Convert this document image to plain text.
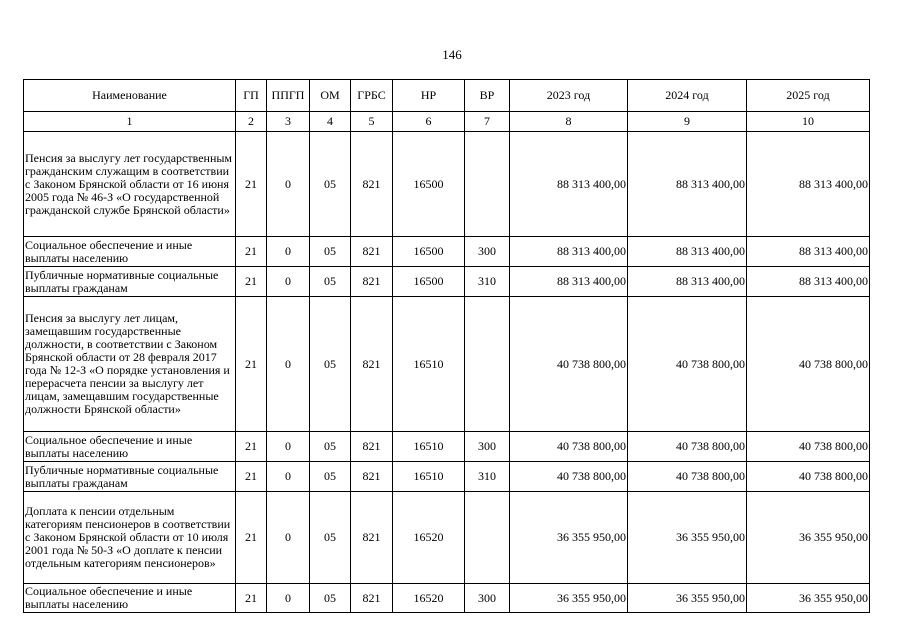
146
Наименование	ГП	ППГП	ОМ	ГРБС	НР	ВР	2023 год	2024 год	2025 год
1	2	3	4	5	6	7	8	9	10
Пенсия за выслугу лет государственным гражданским служащим в соответствии с Законом Брянской области от 16 июня 2005 года № 46-З «О государственной гражданской службе Брянской области»	21	0	05	821	16500		88 313 400,00	88 313 400,00	88 313 400,00
Социальное обеспечение и иные выплаты населению	21	0	05	821	16500	300	88 313 400,00	88 313 400,00	88 313 400,00
Публичные нормативные социальные выплаты гражданам	21	0	05	821	16500	310	88 313 400,00	88 313 400,00	88 313 400,00
Пенсия за выслугу лет лицам, замещавшим государственные должности, в соответствии с Законом Брянской области от 28 февраля 2017 года № 12-З «О порядке установления и перерасчета пенсии за выслугу лет лицам, замещавшим государственные должности Брянской области»	21	0	05	821	16510		40 738 800,00	40 738 800,00	40 738 800,00
Социальное обеспечение и иные выплаты населению	21	0	05	821	16510	300	40 738 800,00	40 738 800,00	40 738 800,00
Публичные нормативные социальные выплаты гражданам	21	0	05	821	16510	310	40 738 800,00	40 738 800,00	40 738 800,00
Доплата к пенсии отдельным категориям пенсионеров в соответствии с Законом Брянской области от 10 июля 2001 года № 50-З «О доплате к пенсии отдельным категориям пенсионеров»	21	0	05	821	16520		36 355 950,00	36 355 950,00	36 355 950,00
Социальное обеспечение и иные выплаты населению	21	0	05	821	16520	300	36 355 950,00	36 355 950,00	36 355 950,00
